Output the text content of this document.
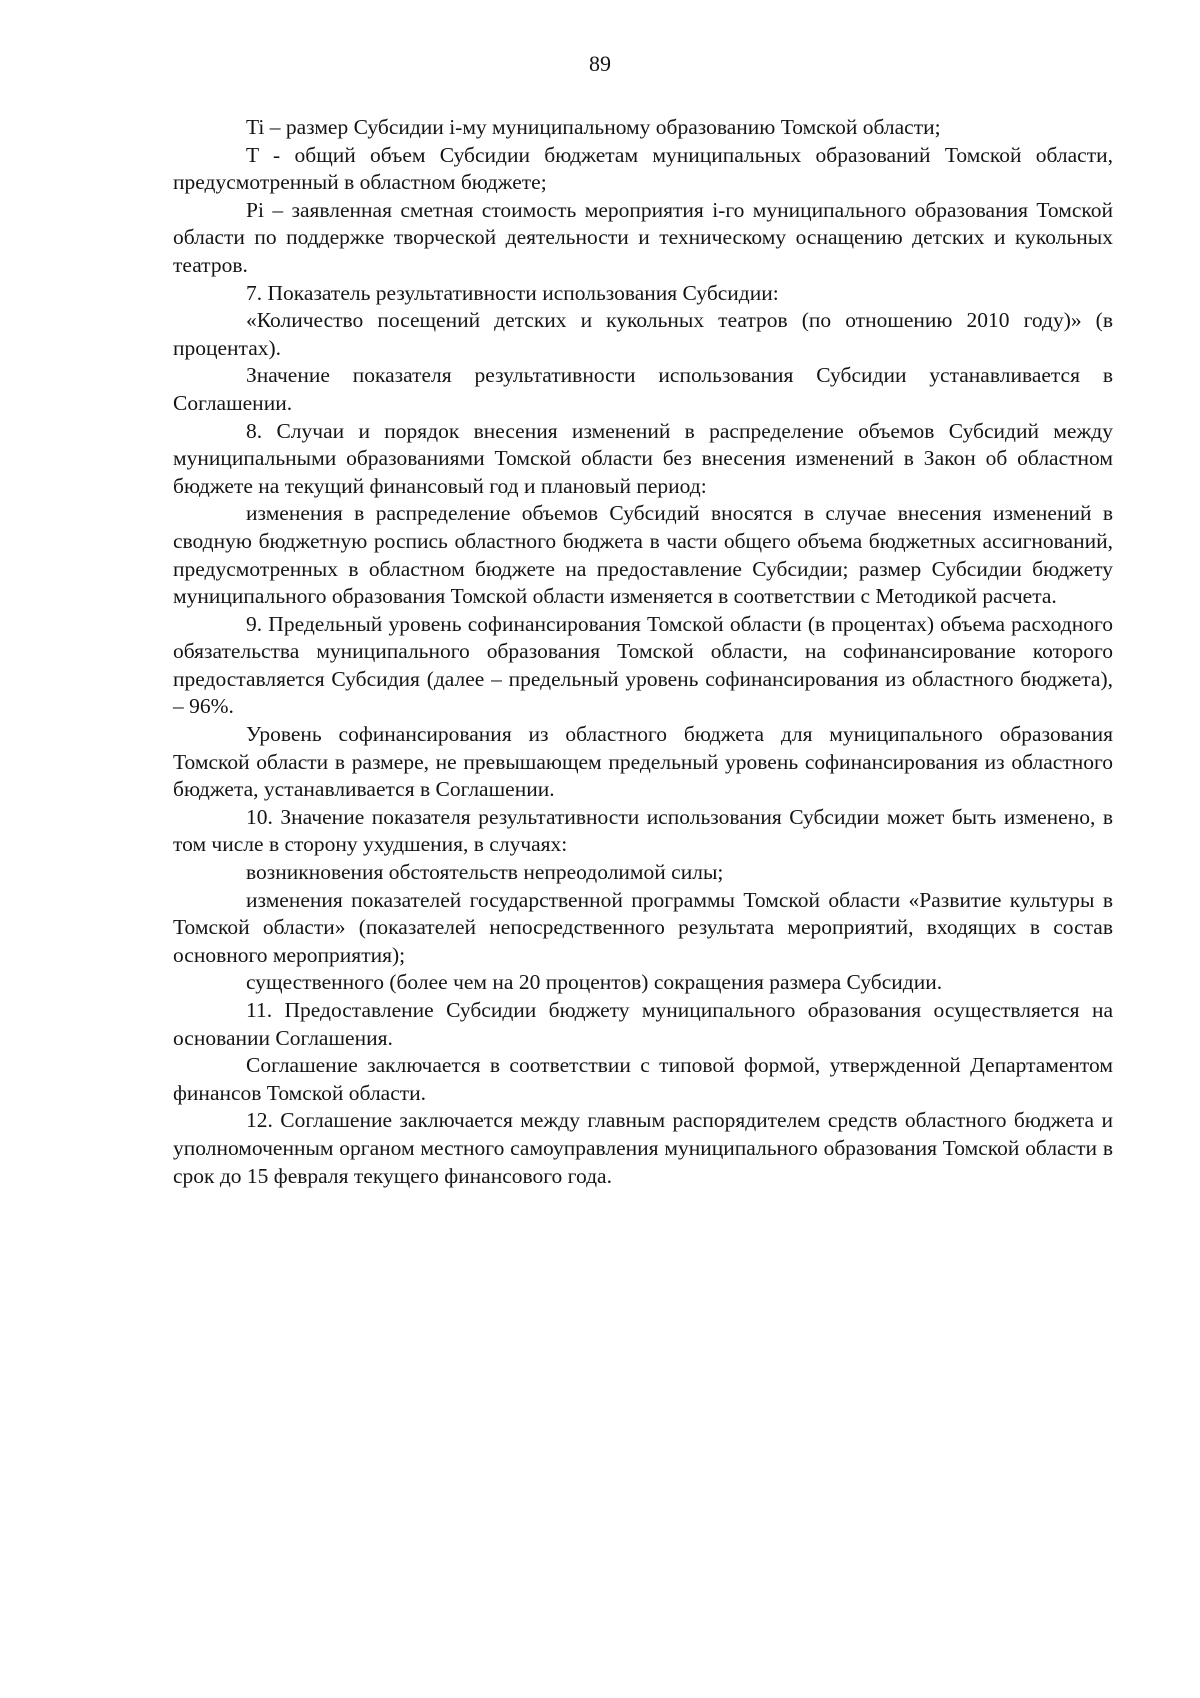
89

Ti – размер Субсидии i-му муниципальному образованию Томской области;

T - общий объем Субсидии бюджетам муниципальных образований Томской области, предусмотренный в областном бюджете;

Pi – заявленная сметная стоимость мероприятия i-го муниципального образования Томской области по поддержке творческой деятельности и техническому оснащению детских и кукольных театров.

7. Показатель результативности использования Субсидии:

«Количество посещений детских и кукольных театров (по отношению 2010 году)» (в процентах).

Значение показателя результативности использования Субсидии устанавливается в Соглашении.

8. Случаи и порядок внесения изменений в распределение объемов Субсидий между муниципальными образованиями Томской области без внесения изменений в Закон об областном бюджете на текущий финансовый год и плановый период:

изменения в распределение объемов Субсидий вносятся в случае внесения изменений в сводную бюджетную роспись областного бюджета в части общего объема бюджетных ассигнований, предусмотренных в областном бюджете на предоставление Субсидии; размер Субсидии бюджету муниципального образования Томской области изменяется в соответствии с Методикой расчета.

9. Предельный уровень софинансирования Томской области (в процентах) объема расходного обязательства муниципального образования Томской области, на софинансирование которого предоставляется Субсидия (далее – предельный уровень софинансирования из областного бюджета), – 96%.

Уровень софинансирования из областного бюджета для муниципального образования Томской области в размере, не превышающем предельный уровень софинансирования из областного бюджета, устанавливается в Соглашении.

10. Значение показателя результативности использования Субсидии может быть изменено, в том числе в сторону ухудшения, в случаях:

возникновения обстоятельств непреодолимой силы;

изменения показателей государственной программы Томской области «Развитие культуры в Томской области» (показателей непосредственного результата мероприятий, входящих в состав основного мероприятия);

существенного (более чем на 20 процентов) сокращения размера Субсидии.

11. Предоставление Субсидии бюджету муниципального образования осуществляется на основании Соглашения.

Соглашение заключается в соответствии с типовой формой, утвержденной Департаментом финансов Томской области.

12. Соглашение заключается между главным распорядителем средств областного бюджета и уполномоченным органом местного самоуправления муниципального образования Томской области в срок до 15 февраля текущего финансового года.
